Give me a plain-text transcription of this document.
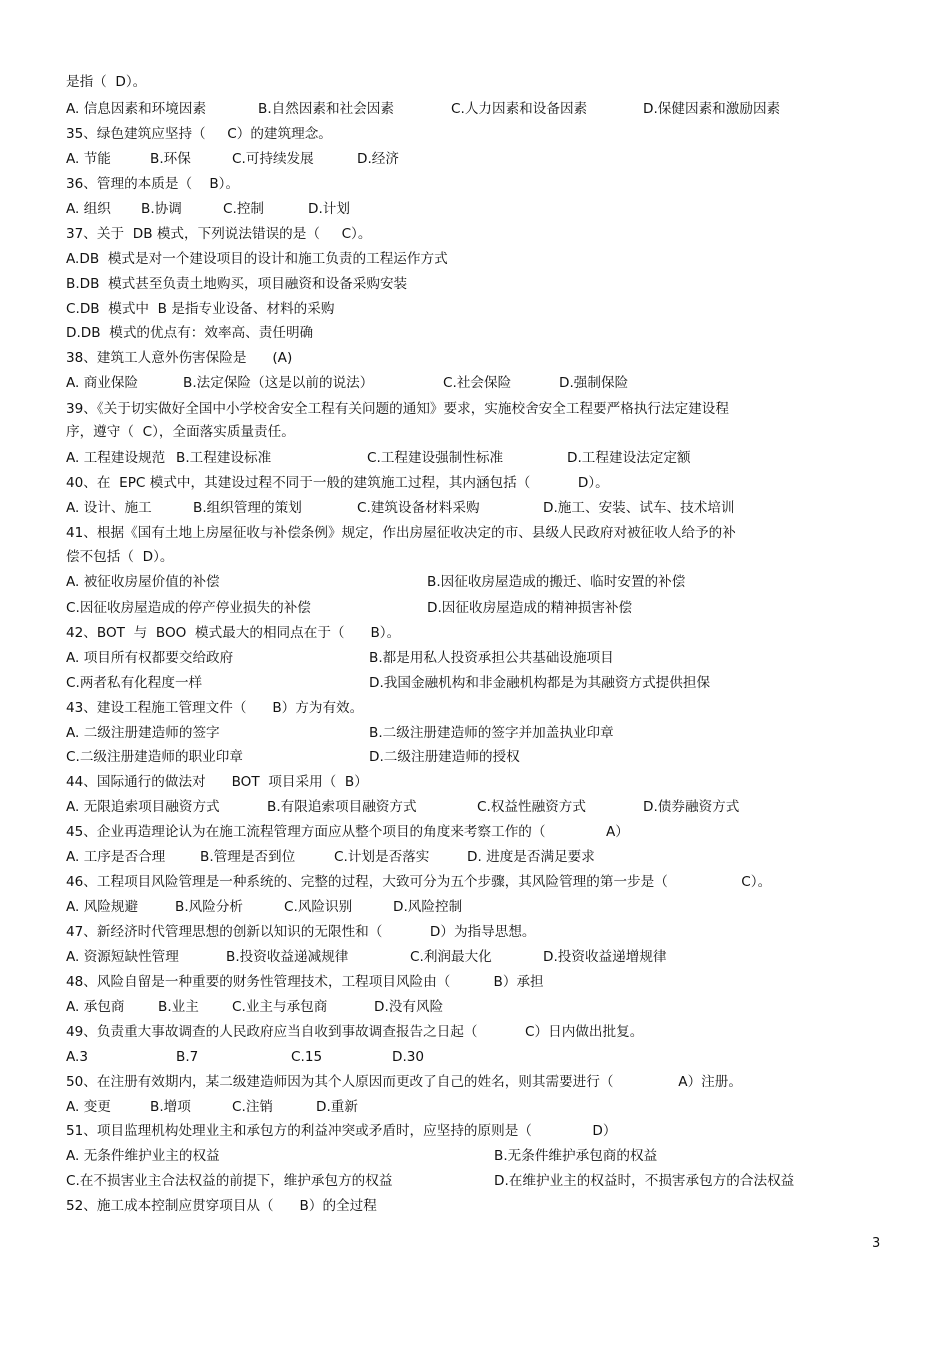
是指（  D）。
A. 信息因素和环境因素	B.自然因素和社会因素	C.人力因素和设备因素	D.保健因素和激励因素
35、绿色建筑应坚持（     C）的建筑理念。
A. 节能	B.环保	C.可持续发展	D.经济
36、管理的本质是（    B）。
A. 组织 B.协调	C.控制	D.计划
37、关于  DB 模式，下列说法错误的是（     C）。
A.DB  模式是对一个建设项目的设计和施工负责的工程运作方式
B.DB  模式甚至负责土地购买，项目融资和设备采购安装
C.DB  模式中  B 是指专业设备、材料的采购
D.DB  模式的优点有：效率高、责任明确
38、建筑工人意外伤害保险是      (A)
A. 商业保险	B.法定保险（这是以前的说法）	C.社会保险	D.强制保险
39、《关于切实做好全国中小学校舍安全工程有关问题的通知》要求，实施校舍安全工程要严格执行法定建设程
序，遵守（  C），全面落实质量责任。
A. 工程建设规范 B.工程建设标准	C.工程建设强制性标准	D.工程建设法定定额
40、在  EPC 模式中，其建设过程不同于一般的建筑施工过程，其内涵包括（           D）。
A. 设计、施工	B.组织管理的策划	C.建筑设备材料采购	D.施工、安装、试车、技术培训
41、根据《国有土地上房屋征收与补偿条例》规定，作出房屋征收决定的市、县级人民政府对被征收人给予的补
偿不包括（  D）。
A. 被征收房屋价值的补偿	B.因征收房屋造成的搬迁、临时安置的补偿
C.因征收房屋造成的停产停业损失的补偿	D.因征收房屋造成的精神损害补偿
42、BOT  与  BOO  模式最大的相同点在于（      B）。
A. 项目所有权都要交给政府	B.都是用私人投资承担公共基础设施项目
C.两者私有化程度一样	D.我国金融机构和非金融机构都是为其融资方式提供担保
43、建设工程施工管理文件（      B）方为有效。
A. 二级注册建造师的签字	B.二级注册建造师的签字并加盖执业印章
C.二级注册建造师的职业印章	D.二级注册建造师的授权
44、国际通行的做法对      BOT  项目采用（  B）
A. 无限追索项目融资方式	B.有限追索项目融资方式	C.权益性融资方式	D.债券融资方式
45、企业再造理论认为在施工流程管理方面应从整个项目的角度来考察工作的（              A）
A. 工序是否合理	B.管理是否到位	C.计划是否落实	D. 进度是否满足要求
46、工程项目风险管理是一种系统的、完整的过程，大致可分为五个步骤，其风险管理的第一步是（                 C）。
A. 风险规避	B.风险分析	C.风险识别	D.风险控制
47、新经济时代管理思想的创新以知识的无限性和（           D）为指导思想。
A. 资源短缺性管理	B.投资收益递减规律	C.利润最大化	D.投资收益递增规律
48、风险自留是一种重要的财务性管理技术，工程项目风险由（          B）承担
A. 承包商 B.业主 C.业主与承包商	D.没有风险
49、负责重大事故调查的人民政府应当自收到事故调查报告之日起（           C）日内做出批复。
A.3	B.7	C.15	D.30
50、在注册有效期内，某二级建造师因为其个人原因而更改了自己的姓名，则其需要进行（               A）注册。
A. 变更	B.增项	C.注销	D.重新
51、项目监理机构处理业主和承包方的利益冲突或矛盾时，应坚持的原则是（              D）
A. 无条件维护业主的权益	B.无条件维护承包商的权益
C.在不损害业主合法权益的前提下，维护承包方的权益	D.在维护业主的权益时，不损害承包方的合法权益
52、施工成本控制应贯穿项目从（      B）的全过程
3
